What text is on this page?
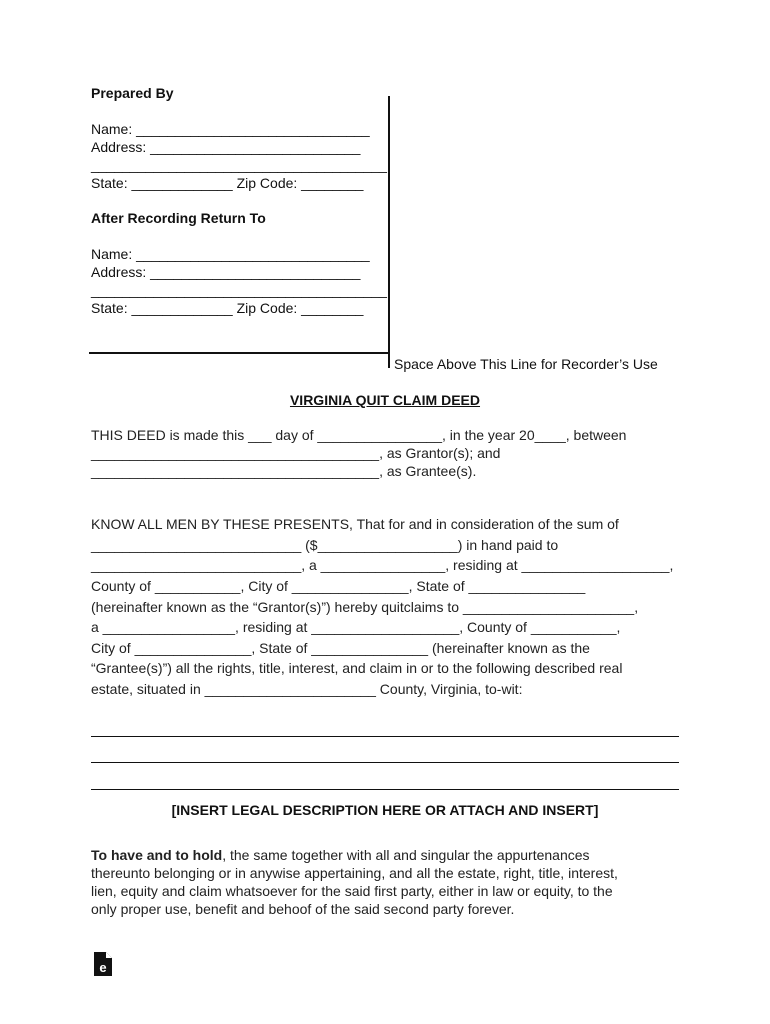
Prepared By
Name: ______________________________
Address: ___________________________
______________________________________
State: _____________ Zip Code: ________
After Recording Return To
Name: ______________________________
Address: ___________________________
______________________________________
State: _____________ Zip Code: ________
Space Above This Line for Recorder’s Use
VIRGINIA QUIT CLAIM DEED
THIS DEED is made this ___ day of ________________, in the year 20____, between
_____________________________________, as Grantor(s); and
_____________________________________, as Grantee(s).
KNOW ALL MEN BY THESE PRESENTS, That for and in consideration of the sum of
___________________________ ($__________________) in hand paid to
___________________________, a ________________, residing at ___________________,
County of ___________, City of _______________, State of _______________
(hereinafter known as the “Grantor(s)”) hereby quitclaims to ______________________,
a _________________, residing at ___________________, County of ___________,
City of _______________, State of _______________ (hereinafter known as the
“Grantee(s)”) all the rights, title, interest, and claim in or to the following described real
estate, situated in ______________________ County, Virginia, to-wit:
[INSERT LEGAL DESCRIPTION HERE OR ATTACH AND INSERT]
To have and to hold, the same together with all and singular the appurtenances
thereunto belonging or in anywise appertaining, and all the estate, right, title, interest,
lien, equity and claim whatsoever for the said first party, either in law or equity, to the
only proper use, benefit and behoof of the said second party forever.
e
